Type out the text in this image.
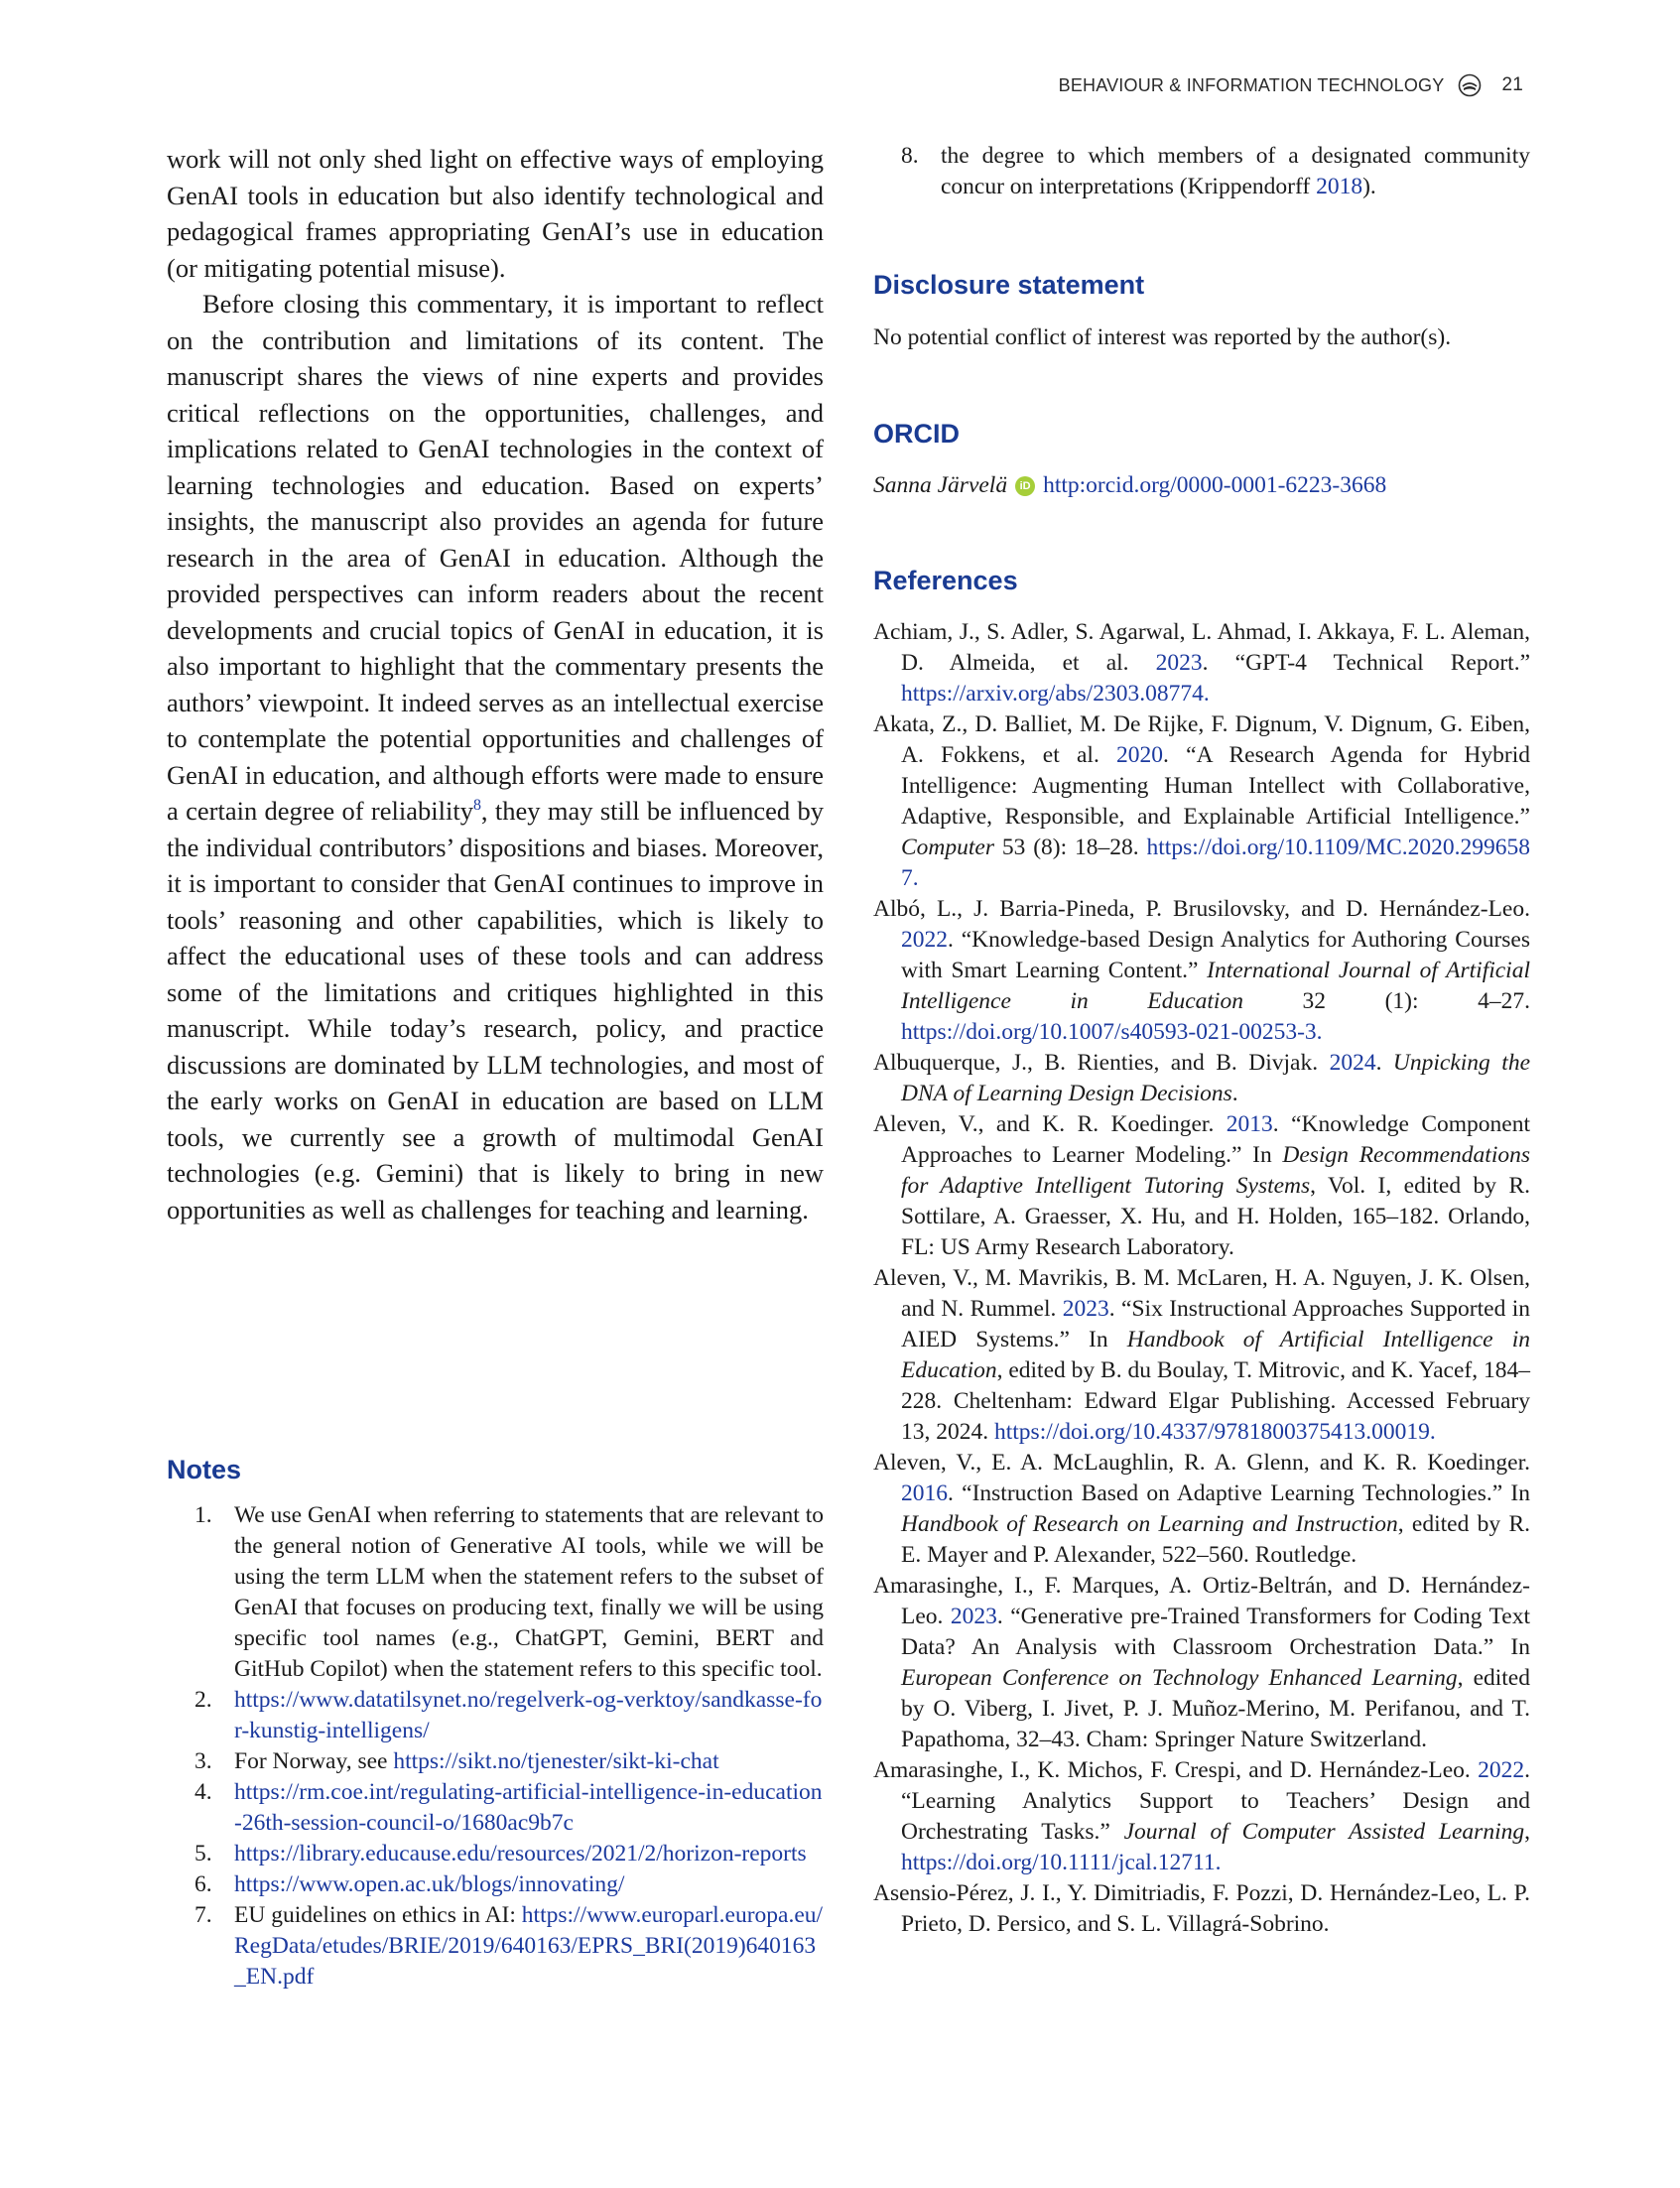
BEHAVIOUR & INFORMATION TECHNOLOGY	21

work will not only shed light on effective ways of employing GenAI tools in education but also identify technological and pedagogical frames appropriating GenAI’s use in education (or mitigating potential misuse).

Before closing this commentary, it is important to reflect on the contribution and limitations of its content. The manuscript shares the views of nine experts and provides critical reflections on the opportunities, challenges, and implications related to GenAI technologies in the context of learning technologies and education. Based on experts’ insights, the manuscript also provides an agenda for future research in the area of GenAI in education. Although the provided perspectives can inform readers about the recent developments and crucial topics of GenAI in education, it is also important to highlight that the commentary presents the authors’ viewpoint. It indeed serves as an intellectual exercise to contemplate the potential opportunities and challenges of GenAI in education, and although efforts were made to ensure a certain degree of reliability$^8$, they may still be influenced by the individual contributors’ dispositions and biases. Moreover, it is important to consider that GenAI continues to improve in tools’ reasoning and other capabilities, which is likely to affect the educational uses of these tools and can address some of the limitations and critiques highlighted in this manuscript. While today’s research, policy, and practice discussions are dominated by LLM technologies, and most of the early works on GenAI in education are based on LLM tools, we currently see a growth of multimodal GenAI technologies (e.g. Gemini) that is likely to bring in new opportunities as well as challenges for teaching and learning.

Notes
1. We use GenAI when referring to statements that are relevant to the general notion of Generative AI tools, while we will be using the term LLM when the statement refers to the subset of GenAI that focuses on producing text, finally we will be using specific tool names (e.g., ChatGPT, Gemini, BERT and GitHub Copilot) when the statement refers to this specific tool.
2. https://www.datatilsynet.no/regelverk-og-verktoy/sandkasse-for-kunstig-intelligens/
3. For Norway, see https://sikt.no/tjenester/sikt-ki-chat
4. https://rm.coe.int/regulating-artificial-intelligence-in-education-26th-session-council-o/1680ac9b7c
5. https://library.educause.edu/resources/2021/2/horizon-reports
6. https://www.open.ac.uk/blogs/innovating/
7. EU guidelines on ethics in AI: https://www.europarl.europa.eu/RegData/etudes/BRIE/2019/640163/EPRS_BRI(2019)640163_EN.pdf
8. the degree to which members of a designated community concur on interpretations (Krippendorff 2018).
Disclosure statement
No potential conflict of interest was reported by the author(s).
ORCID
Sanna Järvelä	iD http:orcid.org/0000-0001-6223-3668
References
Achiam, J., S. Adler, S. Agarwal, L. Ahmad, I. Akkaya, F. L. Aleman, D. Almeida, et al. 2023. “GPT-4 Technical Report.” https://arxiv.org/abs/2303.08774.
Akata, Z., D. Balliet, M. De Rijke, F. Dignum, V. Dignum, G. Eiben, A. Fokkens, et al. 2020. “A Research Agenda for Hybrid Intelligence: Augmenting Human Intellect with Collaborative, Adaptive, Responsible, and Explainable Artificial Intelligence.” Computer 53 (8): 18–28. https://doi.org/10.1109/MC.2020.2996587.
Albó, L., J. Barria-Pineda, P. Brusilovsky, and D. Hernández-Leo. 2022. “Knowledge-based Design Analytics for Authoring Courses with Smart Learning Content.” International Journal of Artificial Intelligence in Education 32 (1): 4–27. https://doi.org/10.1007/s40593-021-00253-3.
Albuquerque, J., B. Rienties, and B. Divjak. 2024. Unpicking the DNA of Learning Design Decisions.
Aleven, V., and K. R. Koedinger. 2013. “Knowledge Component Approaches to Learner Modeling.” In Design Recommendations for Adaptive Intelligent Tutoring Systems, Vol. I, edited by R. Sottilare, A. Graesser, X. Hu, and H. Holden, 165–182. Orlando, FL: US Army Research Laboratory.
Aleven, V., M. Mavrikis, B. M. McLaren, H. A. Nguyen, J. K. Olsen, and N. Rummel. 2023. “Six Instructional Approaches Supported in AIED Systems.” In Handbook of Artificial Intelligence in Education, edited by B. du Boulay, T. Mitrovic, and K. Yacef, 184–228. Cheltenham: Edward Elgar Publishing. Accessed February 13, 2024. https://doi.org/10.4337/9781800375413.00019.
Aleven, V., E. A. McLaughlin, R. A. Glenn, and K. R. Koedinger. 2016. “Instruction Based on Adaptive Learning Technologies.” In Handbook of Research on Learning and Instruction, edited by R. E. Mayer and P. Alexander, 522–560. Routledge.
Amarasinghe, I., F. Marques, A. Ortiz-Beltrán, and D. Hernández-Leo. 2023. “Generative pre-Trained Transformers for Coding Text Data? An Analysis with Classroom Orchestration Data.” In European Conference on Technology Enhanced Learning, edited by O. Viberg, I. Jivet, P. J. Muñoz-Merino, M. Perifanou, and T. Papathoma, 32–43. Cham: Springer Nature Switzerland.
Amarasinghe, I., K. Michos, F. Crespi, and D. Hernández-Leo. 2022. “Learning Analytics Support to Teachers’ Design and Orchestrating Tasks.” Journal of Computer Assisted Learning, https://doi.org/10.1111/jcal.12711.
Asensio-Pérez, J. I., Y. Dimitriadis, F. Pozzi, D. Hernández-Leo, L. P. Prieto, D. Persico, and S. L. Villagrá-Sobrino.
